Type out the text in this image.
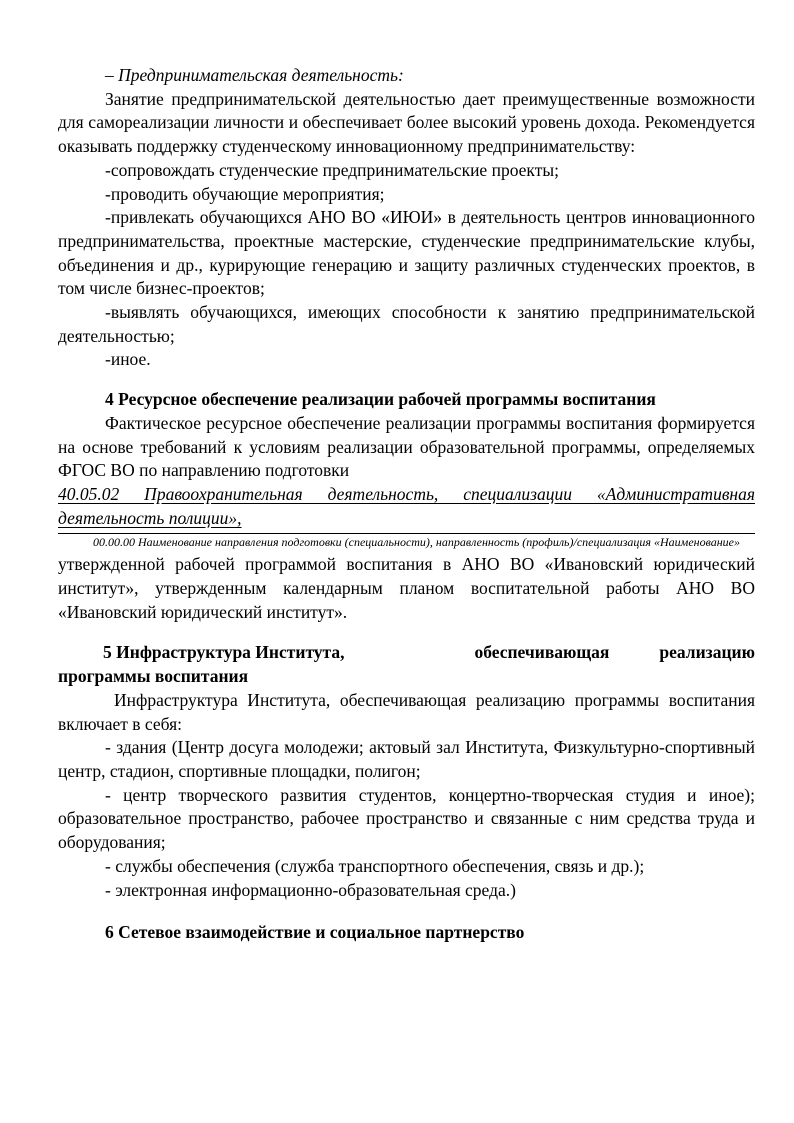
– Предпринимательская деятельность:

Занятие предпринимательской деятельностью дает преимущественные возможности для самореализации личности и обеспечивает более высокий уровень дохода. Рекомендуется оказывать поддержку студенческому инновационному предпринимательству:

-сопровождать студенческие предпринимательские проекты;

-проводить обучающие мероприятия;

-привлекать обучающихся АНО ВО «ИЮИ» в деятельность центров инновационного предпринимательства, проектные мастерские, студенческие предпринимательские клубы, объединения и др., курирующие генерацию и защиту различных студенческих проектов, в том числе бизнес-проектов;

-выявлять обучающихся, имеющих способности к занятию предпринимательской деятельностью;

-иное.

4 Ресурсное обеспечение реализации рабочей программы воспитания

Фактическое ресурсное обеспечение реализации программы воспитания формируется на основе требований к условиям реализации образовательной программы, определяемых ФГОС ВО по направлению подготовки

40.05.02 Правоохранительная деятельность, специализации «Административная деятельность полиции»,

00.00.00 Наименование направления подготовки (специальности), направленность (профиль)/специализация «Наименование»

утвержденной рабочей программой воспитания в АНО ВО «Ивановский юридический институт», утвержденным календарным планом воспитательной работы АНО ВО «Ивановский юридический институт».

5 Инфраструктура Института,	обеспечивающая	реализацию

программы воспитания

Инфраструктура Института, обеспечивающая реализацию программы воспитания включает в себя:

- здания (Центр досуга молодежи; актовый зал Института, Физкультурно-спортивный центр, стадион, спортивные площадки, полигон;

- центр творческого развития студентов, концертно-творческая студия и иное); образовательное пространство, рабочее пространство и связанные с ним средства труда и оборудования;

- службы обеспечения (служба транспортного обеспечения, связь и др.);

- электронная информационно-образовательная среда.)

6 Сетевое взаимодействие и социальное партнерство
